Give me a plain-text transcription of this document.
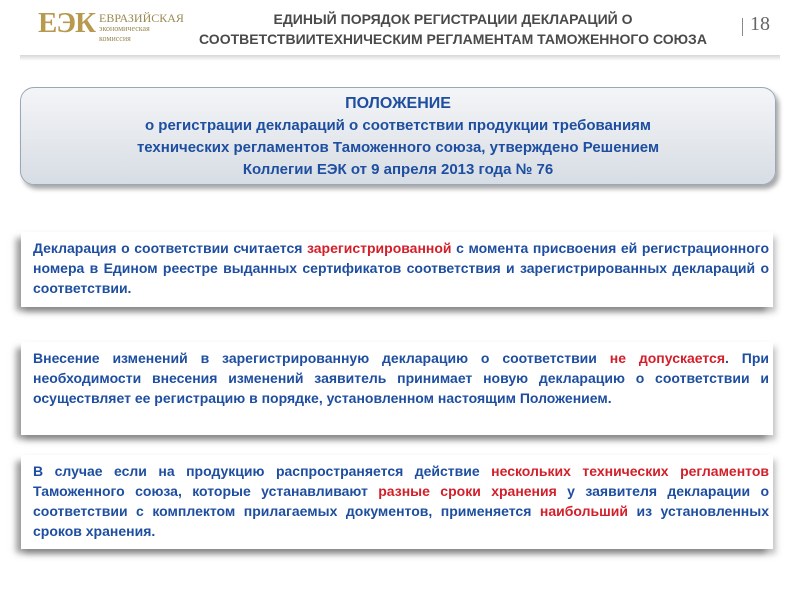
ЕЭК ЕВРАЗИЙСКАЯ
экономическая
комиссия
ЕДИНЫЙ ПОРЯДОК РЕГИСТРАЦИИ ДЕКЛАРАЦИЙ О
СООТВЕТСТВИИТЕХНИЧЕСКИМ РЕГЛАМЕНТАМ ТАМОЖЕННОГО СОЮЗА
18
ПОЛОЖЕНИЕ
о регистрации деклараций о соответствии продукции требованиям
технических регламентов Таможенного союза, утверждено Решением
Коллегии ЕЭК от 9 апреля 2013 года № 76
Декларация о соответствии считается зарегистрированной с момента присвоения ей регистрационного номера в Едином реестре выданных сертификатов соответствия и зарегистрированных деклараций о соответствии.
Внесение изменений в зарегистрированную декларацию о соответствии не допускается. При необходимости внесения изменений заявитель принимает новую декларацию о соответствии и осуществляет ее регистрацию в порядке, установленном настоящим Положением.
В случае если на продукцию распространяется действие нескольких технических регламентов Таможенного союза, которые устанавливают разные сроки хранения у заявителя декларации о соответствии с комплектом прилагаемых документов, применяется наибольший из установленных сроков хранения.
